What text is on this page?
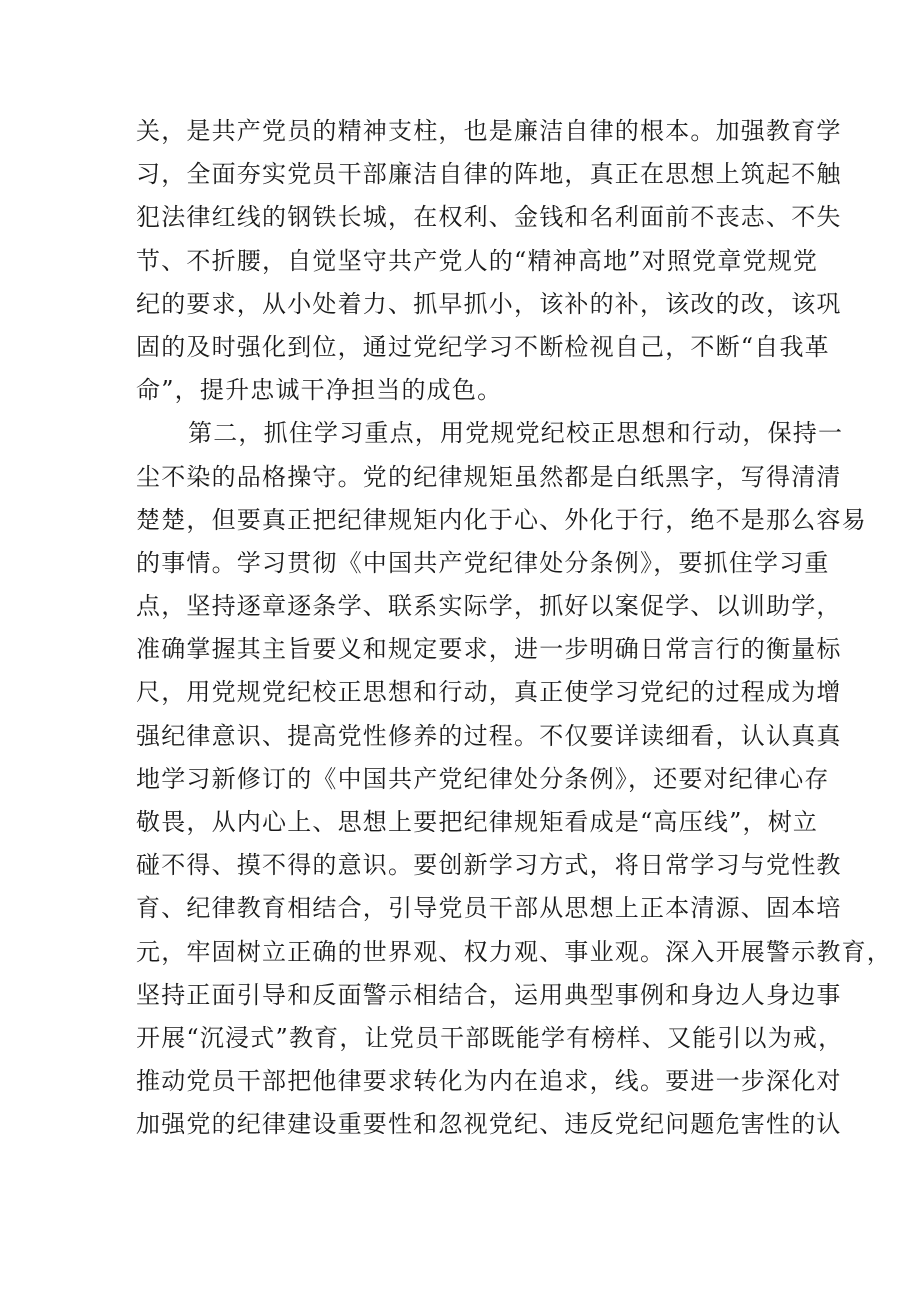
关，是共产党员的精神支柱，也是廉洁自律的根本。加强教育学
习，全面夯实党员干部廉洁自律的阵地，真正在思想上筑起不触
犯法律红线的钢铁长城，在权利、金钱和名利面前不丧志、不失
节、不折腰，自觉坚守共产党人的“精神高地”对照党章党规党
纪的要求，从小处着力、抓早抓小，该补的补，该改的改，该巩
固的及时强化到位，通过党纪学习不断检视自己，不断“自我革
命”，提升忠诚干净担当的成色。
第二，抓住学习重点，用党规党纪校正思想和行动，保持一
尘不染的品格操守。党的纪律规矩虽然都是白纸黑字，写得清清
楚楚，但要真正把纪律规矩内化于心、外化于行，绝不是那么容易
的事情。学习贯彻《中国共产党纪律处分条例》，要抓住学习重
点，坚持逐章逐条学、联系实际学，抓好以案促学、以训助学，
准确掌握其主旨要义和规定要求，进一步明确日常言行的衡量标
尺，用党规党纪校正思想和行动，真正使学习党纪的过程成为增
强纪律意识、提高党性修养的过程。不仅要详读细看，认认真真
地学习新修订的《中国共产党纪律处分条例》，还要对纪律心存
敬畏，从内心上、思想上要把纪律规矩看成是“高压线”，树立
碰不得、摸不得的意识。要创新学习方式，将日常学习与党性教
育、纪律教育相结合，引导党员干部从思想上正本清源、固本培
元，牢固树立正确的世界观、权力观、事业观。深入开展警示教育，
坚持正面引导和反面警示相结合，运用典型事例和身边人身边事
开展“沉浸式”教育，让党员干部既能学有榜样、又能引以为戒，
推动党员干部把他律要求转化为内在追求，线。要进一步深化对
加强党的纪律建设重要性和忽视党纪、违反党纪问题危害性的认
